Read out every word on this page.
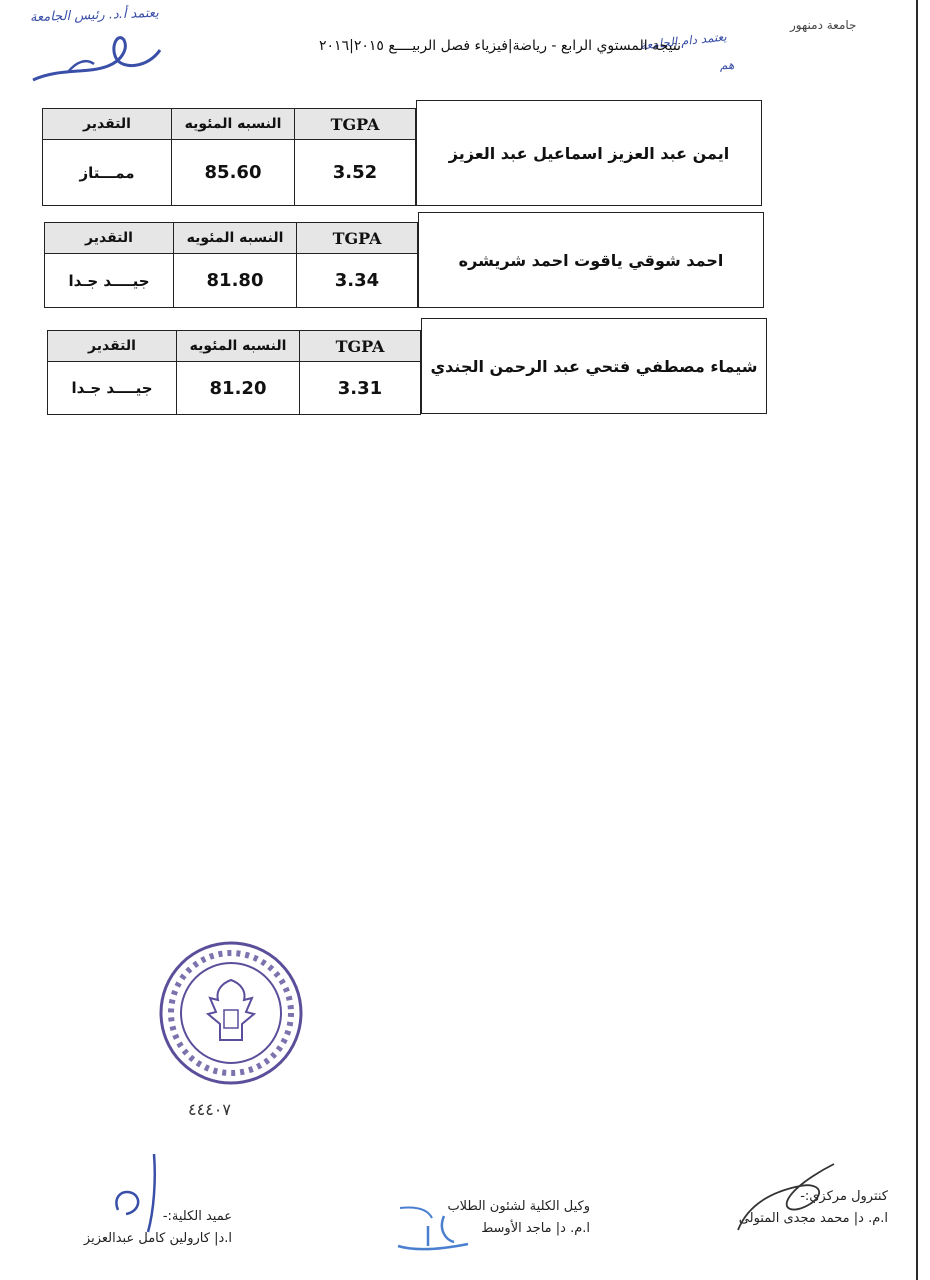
يعتمد أ.د. رئيس الجامعة	جامعة دمنهور
يعتمد دام الجامعة
هم
نتيجة المستوي الرابع - رياضة|فيزياء فصل الربيــــع ٢٠١٥|٢٠١٦
التقدير	النسبه المئويه	TGPA
ممـــتاز	85.60	3.52
ايمن عبد العزيز اسماعيل عبد العزيز
التقدير	النسبه المئويه	TGPA
جيــــد جـدا	81.80	3.34
احمد شوقي ياقوت احمد شريشره
التقدير	النسبه المئويه	TGPA
جيــــد جـدا	81.20	3.31
شيماء مصطفي فتحي عبد الرحمن الجندي
٤٤٤٠٧
كنترول مركزي:-
ا.م. د| محمد مجدى المتولى
وكيل الكلية لشئون الطلاب
ا.م. د| ماجد الأوسط
عميد الكلية:-
ا.د| كارولين كامل عبدالعزيز
